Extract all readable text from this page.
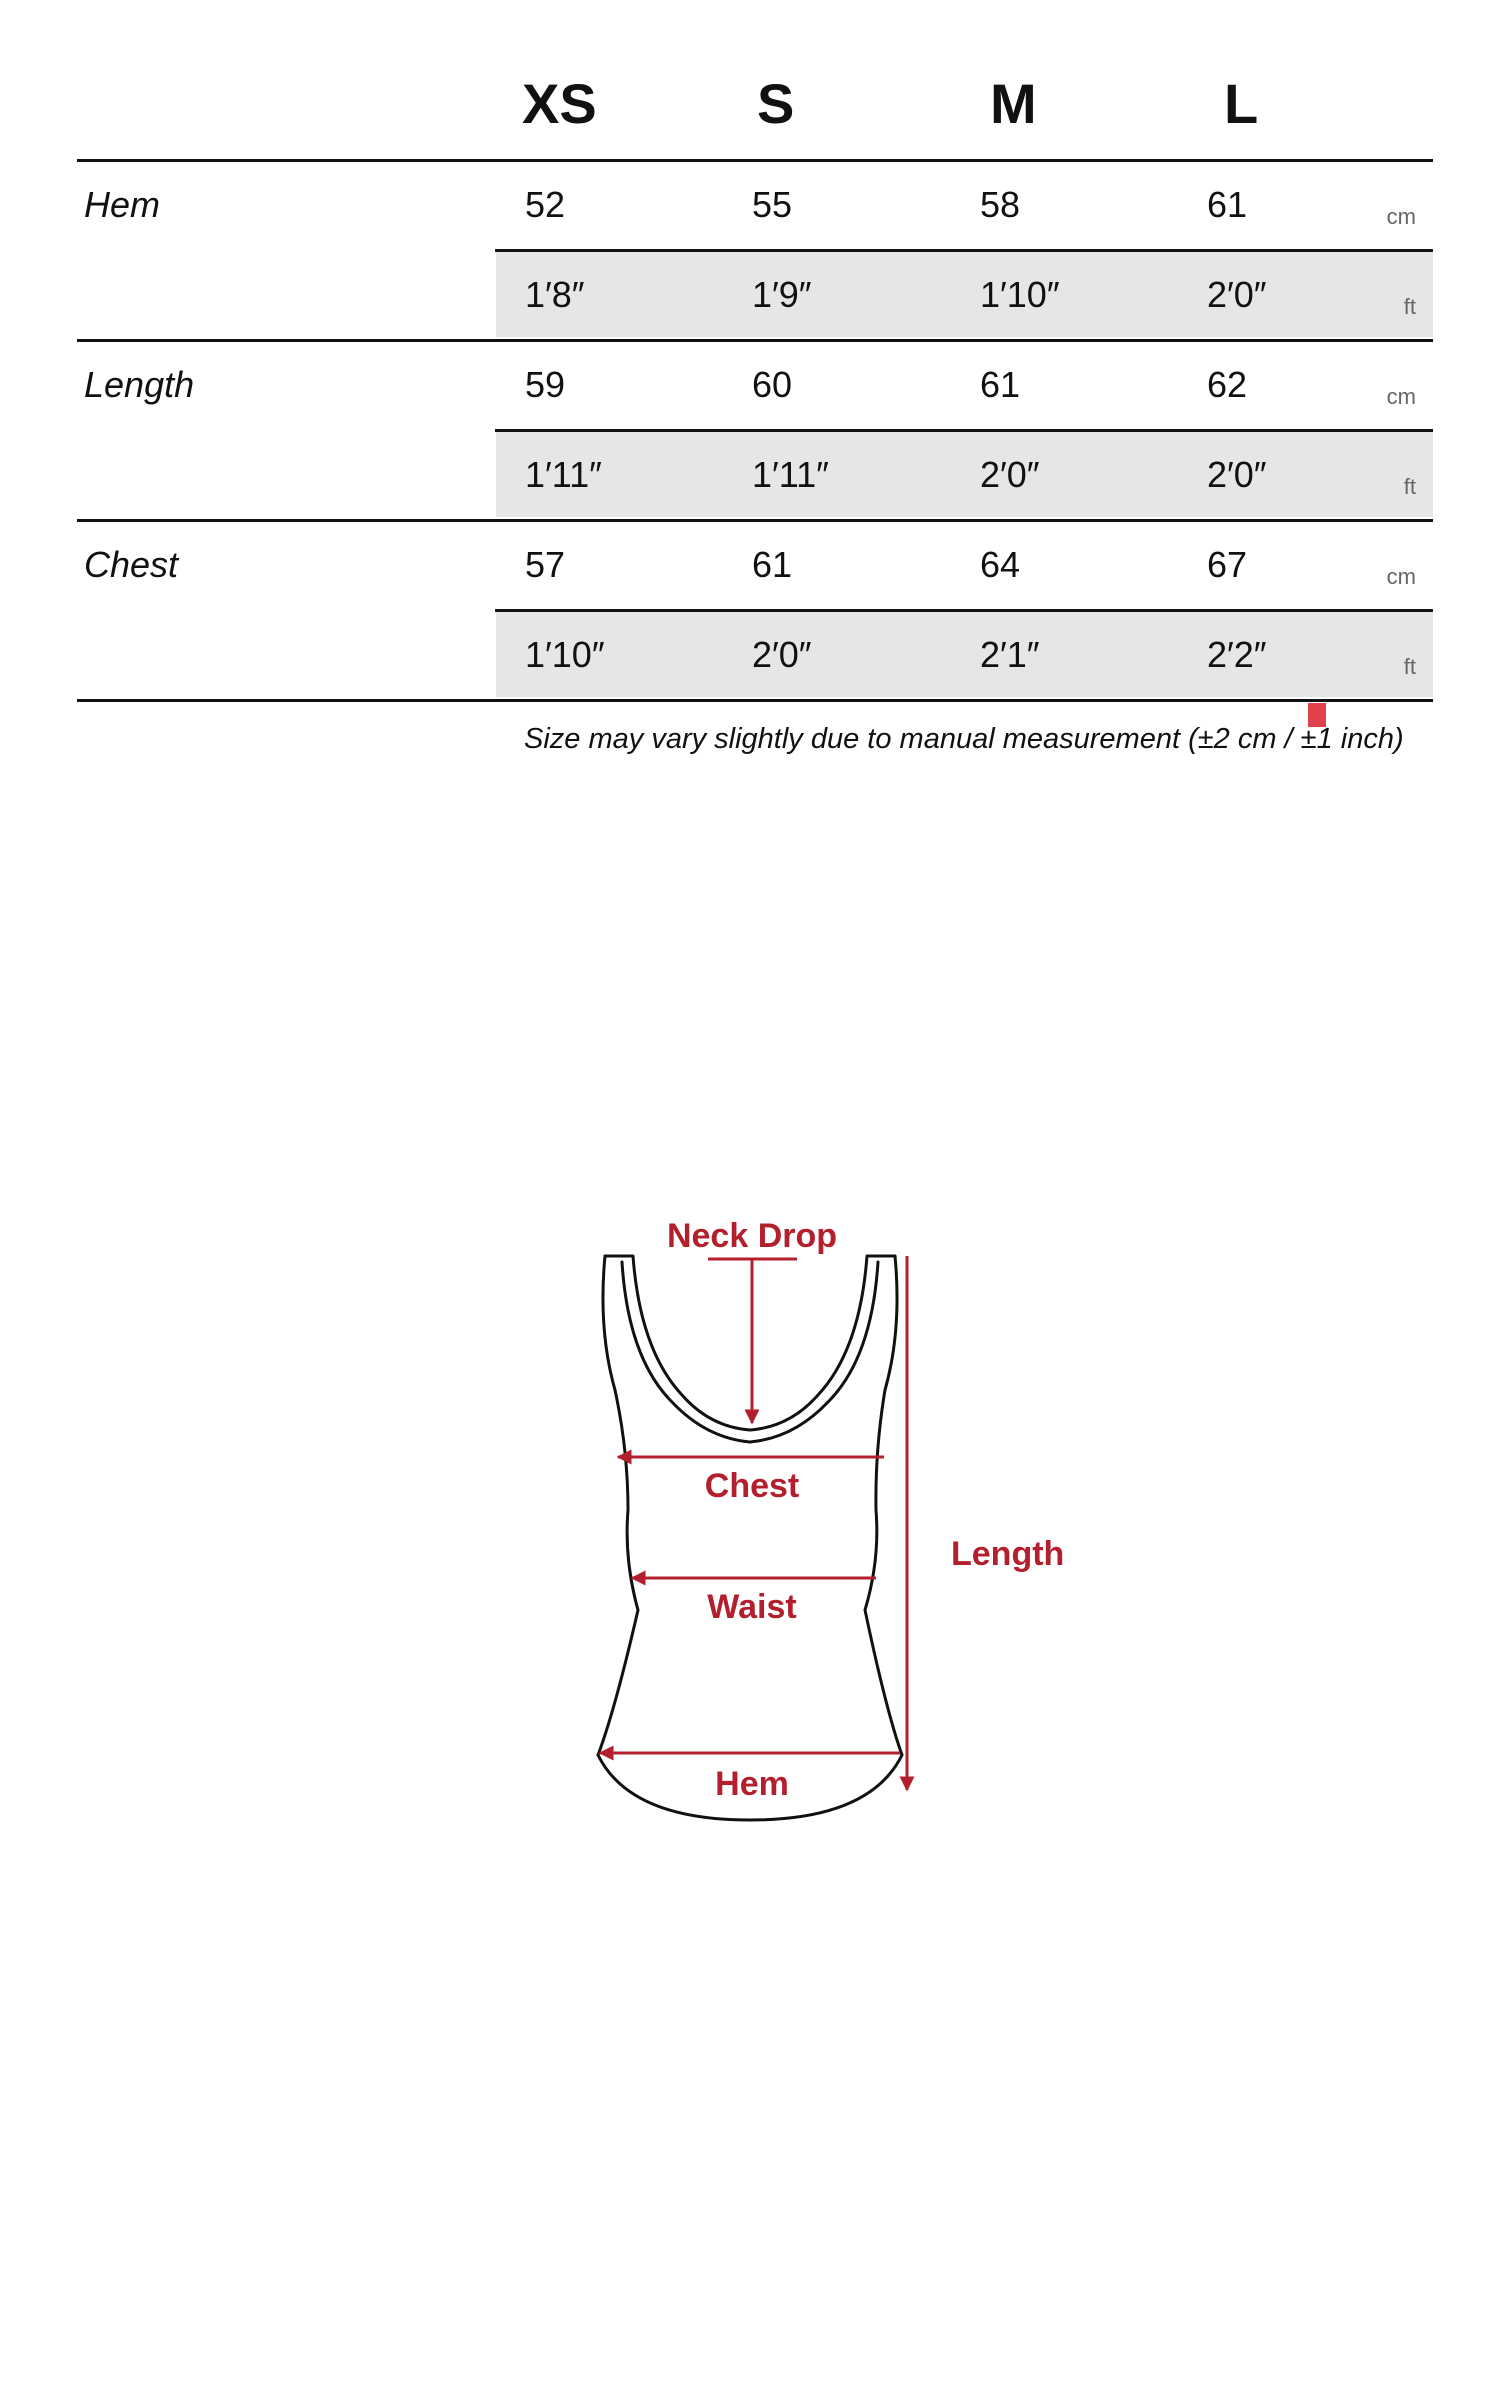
XS	S	M	L
Hem	52	55	58	61	cm
1′8″	1′9″	1′10″	2′0″	ft
Length	59	60	61	62	cm
1′11″	1′11″	2′0″	2′0″	ft
Chest	57	61	64	67	cm
1′10″	2′0″	2′1″	2′2″	ft
Size may vary slightly due to manual measurement (±2 cm / ±1 inch)
Neck Drop
Chest
Waist
Hem
Length
